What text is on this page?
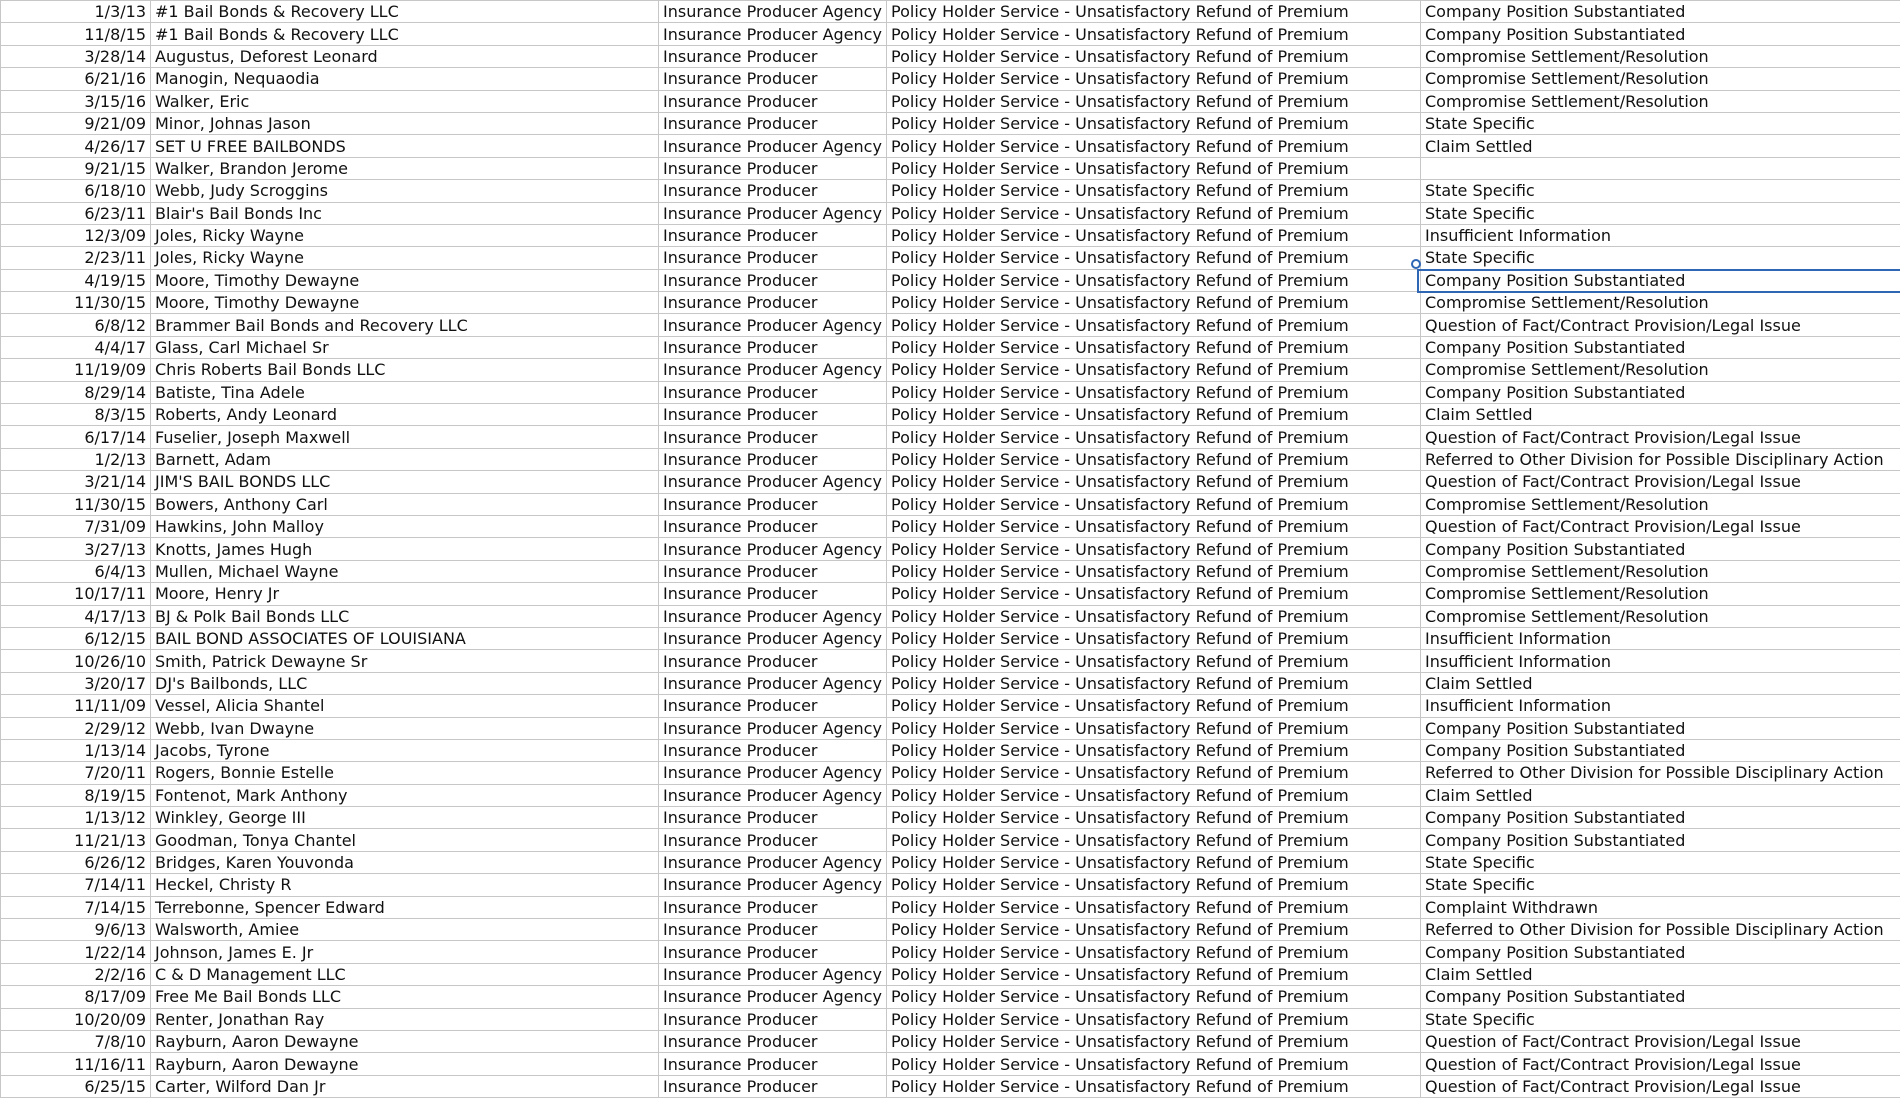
1/3/13	#1 Bail Bonds & Recovery LLC	Insurance Producer Agency	Policy Holder Service - Unsatisfactory Refund of Premium	Company Position Substantiated
11/8/15	#1 Bail Bonds & Recovery LLC	Insurance Producer Agency	Policy Holder Service - Unsatisfactory Refund of Premium	Company Position Substantiated
3/28/14	Augustus, Deforest Leonard	Insurance Producer	Policy Holder Service - Unsatisfactory Refund of Premium	Compromise Settlement/Resolution
6/21/16	Manogin, Nequaodia	Insurance Producer	Policy Holder Service - Unsatisfactory Refund of Premium	Compromise Settlement/Resolution
3/15/16	Walker, Eric	Insurance Producer	Policy Holder Service - Unsatisfactory Refund of Premium	Compromise Settlement/Resolution
9/21/09	Minor, Johnas Jason	Insurance Producer	Policy Holder Service - Unsatisfactory Refund of Premium	State Specific
4/26/17	SET U FREE BAILBONDS	Insurance Producer Agency	Policy Holder Service - Unsatisfactory Refund of Premium	Claim Settled
9/21/15	Walker, Brandon Jerome	Insurance Producer	Policy Holder Service - Unsatisfactory Refund of Premium	
6/18/10	Webb, Judy Scroggins	Insurance Producer	Policy Holder Service - Unsatisfactory Refund of Premium	State Specific
6/23/11	Blair's Bail Bonds Inc	Insurance Producer Agency	Policy Holder Service - Unsatisfactory Refund of Premium	State Specific
12/3/09	Joles, Ricky Wayne	Insurance Producer	Policy Holder Service - Unsatisfactory Refund of Premium	Insufficient Information
2/23/11	Joles, Ricky Wayne	Insurance Producer	Policy Holder Service - Unsatisfactory Refund of Premium	State Specific
4/19/15	Moore, Timothy Dewayne	Insurance Producer	Policy Holder Service - Unsatisfactory Refund of Premium	Company Position Substantiated
11/30/15	Moore, Timothy Dewayne	Insurance Producer	Policy Holder Service - Unsatisfactory Refund of Premium	Compromise Settlement/Resolution
6/8/12	Brammer Bail Bonds and Recovery LLC	Insurance Producer Agency	Policy Holder Service - Unsatisfactory Refund of Premium	Question of Fact/Contract Provision/Legal Issue
4/4/17	Glass, Carl Michael Sr	Insurance Producer	Policy Holder Service - Unsatisfactory Refund of Premium	Company Position Substantiated
11/19/09	Chris Roberts Bail Bonds LLC	Insurance Producer Agency	Policy Holder Service - Unsatisfactory Refund of Premium	Compromise Settlement/Resolution
8/29/14	Batiste, Tina Adele	Insurance Producer	Policy Holder Service - Unsatisfactory Refund of Premium	Company Position Substantiated
8/3/15	Roberts, Andy Leonard	Insurance Producer	Policy Holder Service - Unsatisfactory Refund of Premium	Claim Settled
6/17/14	Fuselier, Joseph Maxwell	Insurance Producer	Policy Holder Service - Unsatisfactory Refund of Premium	Question of Fact/Contract Provision/Legal Issue
1/2/13	Barnett, Adam	Insurance Producer	Policy Holder Service - Unsatisfactory Refund of Premium	Referred to Other Division for Possible Disciplinary Action
3/21/14	JIM'S BAIL BONDS LLC	Insurance Producer Agency	Policy Holder Service - Unsatisfactory Refund of Premium	Question of Fact/Contract Provision/Legal Issue
11/30/15	Bowers, Anthony Carl	Insurance Producer	Policy Holder Service - Unsatisfactory Refund of Premium	Compromise Settlement/Resolution
7/31/09	Hawkins, John Malloy	Insurance Producer	Policy Holder Service - Unsatisfactory Refund of Premium	Question of Fact/Contract Provision/Legal Issue
3/27/13	Knotts, James Hugh	Insurance Producer Agency	Policy Holder Service - Unsatisfactory Refund of Premium	Company Position Substantiated
6/4/13	Mullen, Michael Wayne	Insurance Producer	Policy Holder Service - Unsatisfactory Refund of Premium	Compromise Settlement/Resolution
10/17/11	Moore, Henry Jr	Insurance Producer	Policy Holder Service - Unsatisfactory Refund of Premium	Compromise Settlement/Resolution
4/17/13	BJ & Polk Bail Bonds LLC	Insurance Producer Agency	Policy Holder Service - Unsatisfactory Refund of Premium	Compromise Settlement/Resolution
6/12/15	BAIL BOND ASSOCIATES OF LOUISIANA	Insurance Producer Agency	Policy Holder Service - Unsatisfactory Refund of Premium	Insufficient Information
10/26/10	Smith, Patrick Dewayne Sr	Insurance Producer	Policy Holder Service - Unsatisfactory Refund of Premium	Insufficient Information
3/20/17	DJ's Bailbonds, LLC	Insurance Producer Agency	Policy Holder Service - Unsatisfactory Refund of Premium	Claim Settled
11/11/09	Vessel, Alicia Shantel	Insurance Producer	Policy Holder Service - Unsatisfactory Refund of Premium	Insufficient Information
2/29/12	Webb, Ivan Dwayne	Insurance Producer Agency	Policy Holder Service - Unsatisfactory Refund of Premium	Company Position Substantiated
1/13/14	Jacobs, Tyrone	Insurance Producer	Policy Holder Service - Unsatisfactory Refund of Premium	Company Position Substantiated
7/20/11	Rogers, Bonnie Estelle	Insurance Producer Agency	Policy Holder Service - Unsatisfactory Refund of Premium	Referred to Other Division for Possible Disciplinary Action
8/19/15	Fontenot, Mark Anthony	Insurance Producer Agency	Policy Holder Service - Unsatisfactory Refund of Premium	Claim Settled
1/13/12	Winkley, George III	Insurance Producer	Policy Holder Service - Unsatisfactory Refund of Premium	Company Position Substantiated
11/21/13	Goodman, Tonya Chantel	Insurance Producer	Policy Holder Service - Unsatisfactory Refund of Premium	Company Position Substantiated
6/26/12	Bridges, Karen Youvonda	Insurance Producer Agency	Policy Holder Service - Unsatisfactory Refund of Premium	State Specific
7/14/11	Heckel, Christy R	Insurance Producer Agency	Policy Holder Service - Unsatisfactory Refund of Premium	State Specific
7/14/15	Terrebonne, Spencer Edward	Insurance Producer	Policy Holder Service - Unsatisfactory Refund of Premium	Complaint Withdrawn
9/6/13	Walsworth, Amiee	Insurance Producer	Policy Holder Service - Unsatisfactory Refund of Premium	Referred to Other Division for Possible Disciplinary Action
1/22/14	Johnson, James E. Jr	Insurance Producer	Policy Holder Service - Unsatisfactory Refund of Premium	Company Position Substantiated
2/2/16	C & D Management LLC	Insurance Producer Agency	Policy Holder Service - Unsatisfactory Refund of Premium	Claim Settled
8/17/09	Free Me Bail Bonds LLC	Insurance Producer Agency	Policy Holder Service - Unsatisfactory Refund of Premium	Company Position Substantiated
10/20/09	Renter, Jonathan Ray	Insurance Producer	Policy Holder Service - Unsatisfactory Refund of Premium	State Specific
7/8/10	Rayburn, Aaron Dewayne	Insurance Producer	Policy Holder Service - Unsatisfactory Refund of Premium	Question of Fact/Contract Provision/Legal Issue
11/16/11	Rayburn, Aaron Dewayne	Insurance Producer	Policy Holder Service - Unsatisfactory Refund of Premium	Question of Fact/Contract Provision/Legal Issue
6/25/15	Carter, Wilford Dan Jr	Insurance Producer	Policy Holder Service - Unsatisfactory Refund of Premium	Question of Fact/Contract Provision/Legal Issue
